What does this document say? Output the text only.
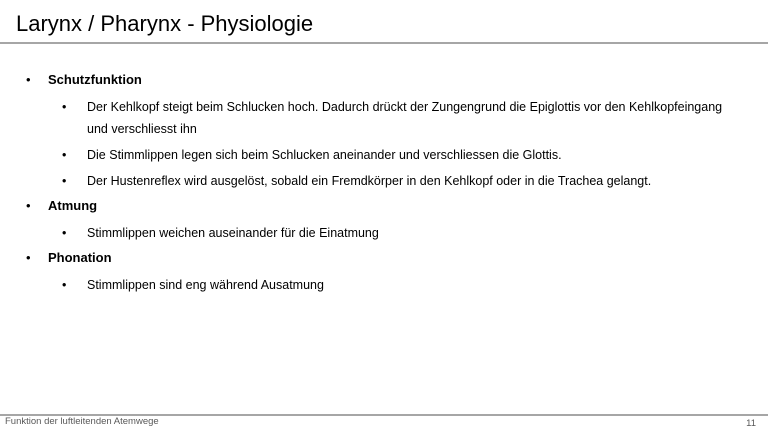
Larynx / Pharynx - Physiologie
• Schutzfunktion
• Der Kehlkopf steigt beim Schlucken hoch. Dadurch drückt der Zungengrund die Epiglottis vor den Kehlkopfeingang und verschliesst ihn
• Die Stimmlippen legen sich beim Schlucken aneinander und verschliessen die Glottis.
• Der Hustenreflex wird ausgelöst, sobald ein Fremdkörper in den Kehlkopf oder in die Trachea gelangt.
• Atmung
• Stimmlippen weichen auseinander für die Einatmung
• Phonation
• Stimmlippen sind eng während Ausatmung
Funktion der luftleitenden Atemwege	11
